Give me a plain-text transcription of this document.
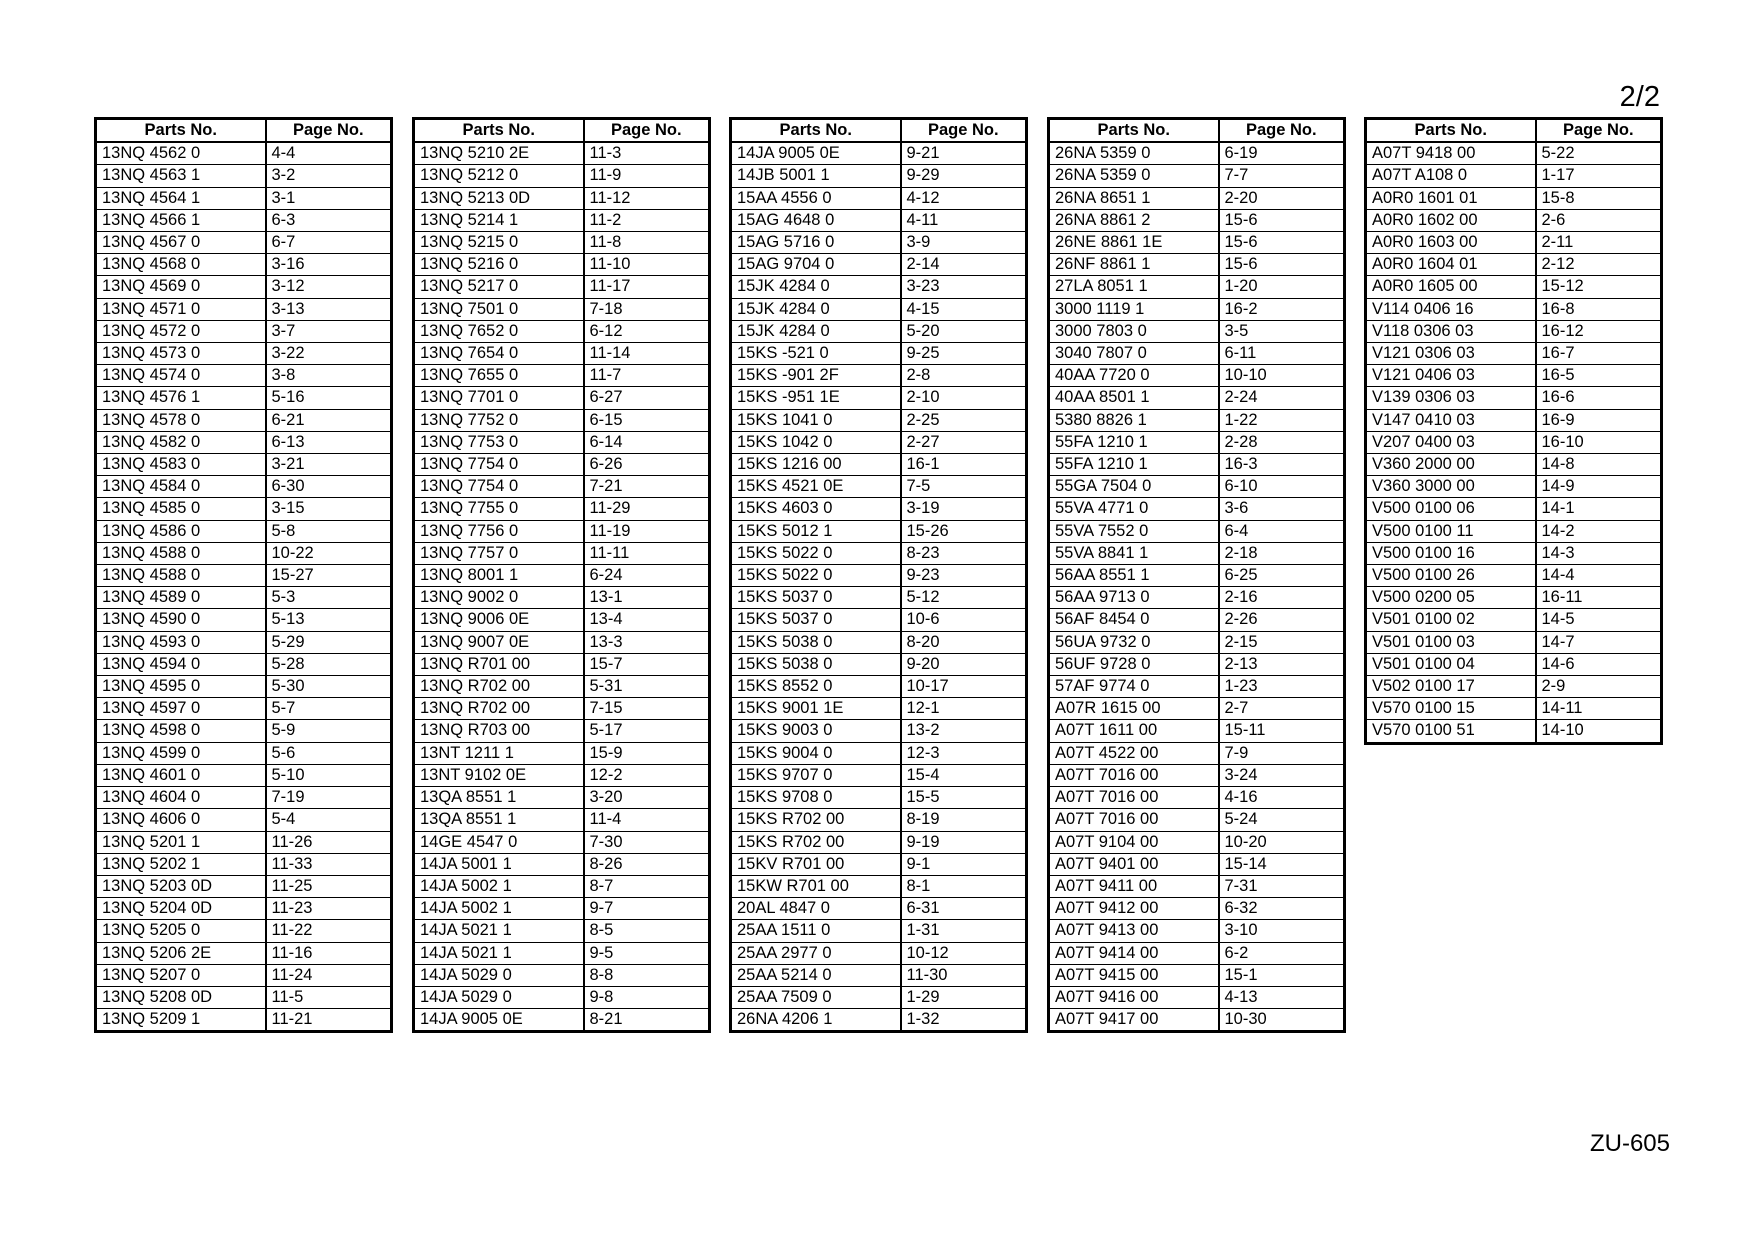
2/2
Parts No.	Page No.
13NQ 4562 0	4-4
13NQ 4563 1	3-2
13NQ 4564 1	3-1
13NQ 4566 1	6-3
13NQ 4567 0	6-7
13NQ 4568 0	3-16
13NQ 4569 0	3-12
13NQ 4571 0	3-13
13NQ 4572 0	3-7
13NQ 4573 0	3-22
13NQ 4574 0	3-8
13NQ 4576 1	5-16
13NQ 4578 0	6-21
13NQ 4582 0	6-13
13NQ 4583 0	3-21
13NQ 4584 0	6-30
13NQ 4585 0	3-15
13NQ 4586 0	5-8
13NQ 4588 0	10-22
13NQ 4588 0	15-27
13NQ 4589 0	5-3
13NQ 4590 0	5-13
13NQ 4593 0	5-29
13NQ 4594 0	5-28
13NQ 4595 0	5-30
13NQ 4597 0	5-7
13NQ 4598 0	5-9
13NQ 4599 0	5-6
13NQ 4601 0	5-10
13NQ 4604 0	7-19
13NQ 4606 0	5-4
13NQ 5201 1	11-26
13NQ 5202 1	11-33
13NQ 5203 0D	11-25
13NQ 5204 0D	11-23
13NQ 5205 0	11-22
13NQ 5206 2E	11-16
13NQ 5207 0	11-24
13NQ 5208 0D	11-5
13NQ 5209 1	11-21
Parts No.	Page No.
13NQ 5210 2E	11-3
13NQ 5212 0	11-9
13NQ 5213 0D	11-12
13NQ 5214 1	11-2
13NQ 5215 0	11-8
13NQ 5216 0	11-10
13NQ 5217 0	11-17
13NQ 7501 0	7-18
13NQ 7652 0	6-12
13NQ 7654 0	11-14
13NQ 7655 0	11-7
13NQ 7701 0	6-27
13NQ 7752 0	6-15
13NQ 7753 0	6-14
13NQ 7754 0	6-26
13NQ 7754 0	7-21
13NQ 7755 0	11-29
13NQ 7756 0	11-19
13NQ 7757 0	11-11
13NQ 8001 1	6-24
13NQ 9002 0	13-1
13NQ 9006 0E	13-4
13NQ 9007 0E	13-3
13NQ R701 00	15-7
13NQ R702 00	5-31
13NQ R702 00	7-15
13NQ R703 00	5-17
13NT 1211 1	15-9
13NT 9102 0E	12-2
13QA 8551 1	3-20
13QA 8551 1	11-4
14GE 4547 0	7-30
14JA 5001 1	8-26
14JA 5002 1	8-7
14JA 5002 1	9-7
14JA 5021 1	8-5
14JA 5021 1	9-5
14JA 5029 0	8-8
14JA 5029 0	9-8
14JA 9005 0E	8-21
Parts No.	Page No.
14JA 9005 0E	9-21
14JB 5001 1	9-29
15AA 4556 0	4-12
15AG 4648 0	4-11
15AG 5716 0	3-9
15AG 9704 0	2-14
15JK 4284 0	3-23
15JK 4284 0	4-15
15JK 4284 0	5-20
15KS -521 0	9-25
15KS -901 2F	2-8
15KS -951 1E	2-10
15KS 1041 0	2-25
15KS 1042 0	2-27
15KS 1216 00	16-1
15KS 4521 0E	7-5
15KS 4603 0	3-19
15KS 5012 1	15-26
15KS 5022 0	8-23
15KS 5022 0	9-23
15KS 5037 0	5-12
15KS 5037 0	10-6
15KS 5038 0	8-20
15KS 5038 0	9-20
15KS 8552 0	10-17
15KS 9001 1E	12-1
15KS 9003 0	13-2
15KS 9004 0	12-3
15KS 9707 0	15-4
15KS 9708 0	15-5
15KS R702 00	8-19
15KS R702 00	9-19
15KV R701 00	9-1
15KW R701 00	8-1
20AL 4847 0	6-31
25AA 1511 0	1-31
25AA 2977 0	10-12
25AA 5214 0	11-30
25AA 7509 0	1-29
26NA 4206 1	1-32
Parts No.	Page No.
26NA 5359 0	6-19
26NA 5359 0	7-7
26NA 8651 1	2-20
26NA 8861 2	15-6
26NE 8861 1E	15-6
26NF 8861 1	15-6
27LA 8051 1	1-20
3000 1119 1	16-2
3000 7803 0	3-5
3040 7807 0	6-11
40AA 7720 0	10-10
40AA 8501 1	2-24
5380 8826 1	1-22
55FA 1210 1	2-28
55FA 1210 1	16-3
55GA 7504 0	6-10
55VA 4771 0	3-6
55VA 7552 0	6-4
55VA 8841 1	2-18
56AA 8551 1	6-25
56AA 9713 0	2-16
56AF 8454 0	2-26
56UA 9732 0	2-15
56UF 9728 0	2-13
57AF 9774 0	1-23
A07R 1615 00	2-7
A07T 1611 00	15-11
A07T 4522 00	7-9
A07T 7016 00	3-24
A07T 7016 00	4-16
A07T 7016 00	5-24
A07T 9104 00	10-20
A07T 9401 00	15-14
A07T 9411 00	7-31
A07T 9412 00	6-32
A07T 9413 00	3-10
A07T 9414 00	6-2
A07T 9415 00	15-1
A07T 9416 00	4-13
A07T 9417 00	10-30
Parts No.	Page No.
A07T 9418 00	5-22
A07T A108 0	1-17
A0R0 1601 01	15-8
A0R0 1602 00	2-6
A0R0 1603 00	2-11
A0R0 1604 01	2-12
A0R0 1605 00	15-12
V114 0406 16	16-8
V118 0306 03	16-12
V121 0306 03	16-7
V121 0406 03	16-5
V139 0306 03	16-6
V147 0410 03	16-9
V207 0400 03	16-10
V360 2000 00	14-8
V360 3000 00	14-9
V500 0100 06	14-1
V500 0100 11	14-2
V500 0100 16	14-3
V500 0100 26	14-4
V500 0200 05	16-11
V501 0100 02	14-5
V501 0100 03	14-7
V501 0100 04	14-6
V502 0100 17	2-9
V570 0100 15	14-11
V570 0100 51	14-10
ZU-605
